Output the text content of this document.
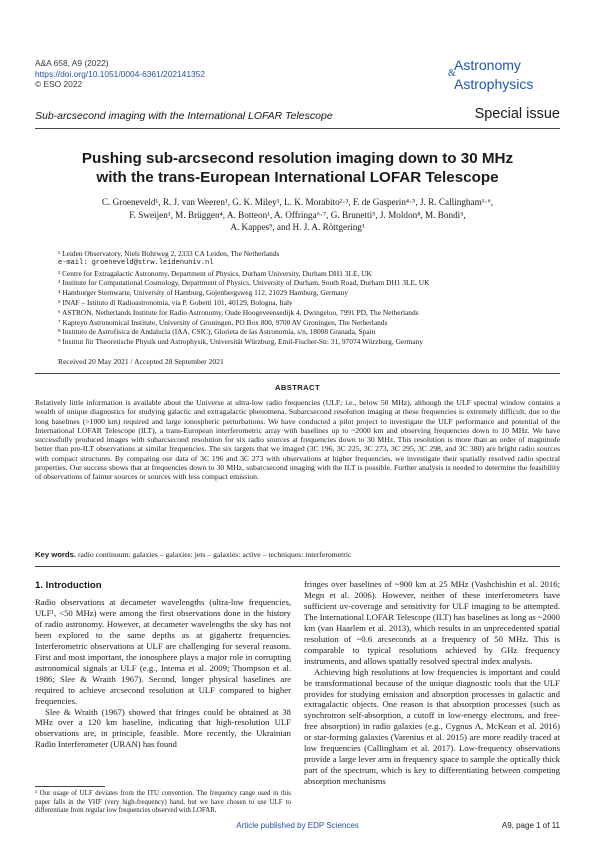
A&A 658, A9 (2022)
https://doi.org/10.1051/0004-6361/202141352
© ESO 2022
Astronomy
&
Astrophysics
Sub-arcsecond imaging with the International LOFAR Telescope	Special issue
Pushing sub-arcsecond resolution imaging down to 30 MHz
with the trans-European International LOFAR Telescope
C. Groeneveld¹, R. J. van Weeren¹, G. K. Miley¹, L. K. Morabito²·³, F. de Gasperin⁴·⁵, J. R. Callingham¹·⁶,
F. Sweijen¹, M. Brüggen⁴, A. Botteon¹, A. Offringa⁶·⁷, G. Brunetti⁵, J. Moldon⁸, M. Bondi⁵,
A. Kappes⁹, and H. J. A. Röttgering¹
¹ Leiden Observatory, Niels Bohrweg 2, 2333 CA Leiden, The Netherlands
e-mail: groeneveld@strw.leidenuniv.nl
² Centre for Extragalactic Astronomy, Department of Physics, Durham University, Durham DH1 3LE, UK
³ Institute for Computational Cosmology, Department of Physics, University of Durham, South Road, Durham DH1 3LE, UK
⁴ Hamburger Sternwarte, University of Hamburg, Gojenbergsweg 112, 21029 Hamburg, Germany
⁵ INAF – Istituto di Radioastronomia, via P. Gobetti 101, 40129, Bologna, Italy
⁶ ASTRON, Netherlands Institute for Radio Astronomy, Oude Hoogeveensedijk 4, Dwingeloo, 7991 PD, The Netherlands
⁷ Kapteyn Astronomical Institute, University of Groningen, PO Box 800, 9700 AV Groningen, The Netherlands
⁸ Instituto de Astrofísica de Andalucía (IAA, CSIC), Glorieta de las Astronomía, s/n, 18008 Granada, Spain
⁹ Institut für Theoretische Physik und Astrophysik, Universität Würzburg, Emil-Fischer-Str. 31, 97074 Würzburg, Germany
Received 20 May 2021 / Accepted 28 September 2021
ABSTRACT
Relatively little information is available about the Universe at ultra-low radio frequencies (ULF; i.e., below 50 MHz), although the ULF spectral window contains a wealth of unique diagnostics for studying galactic and extragalactic phenomena. Subarcsecond resolution imaging at these frequencies is extremely difficult, due to the long baselines (>1000 km) required and large ionospheric perturbations. We have conducted a pilot project to investigate the ULF performance and potential of the International LOFAR Telescope (ILT), a trans-European interferometric array with baselines up to ~2000 km and observing frequencies down to 10 MHz. We have successfully produced images with subarcsecond resolution for six radio sources at frequencies down to 30 MHz. This resolution is more than an order of magnitude better than pre-ILT observations at similar frequencies. The six targets that we imaged (3C 196, 3C 225, 3C 273, 3C 295, 3C 298, and 3C 380) are bright radio sources with compact structures. By comparing our data of 3C 196 and 3C 273 with observations at higher frequencies, we investigate their spatially resolved radio spectral properties. Our success shows that at frequencies down to 30 MHz, subarcsecond imaging with the ILT is possible. Further analysis is needed to determine the feasibility of observations of fainter sources or sources with less compact emission.
Key words. radio continuum: galaxies – galaxies: jets – galaxies: active – techniques: interferometric
1. Introduction

Radio observations at decameter wavelengths (ultra-low frequencies, ULF¹, <50 MHz) were among the first observations done in the history of radio astronomy. However, at decameter wavelengths the sky has not been explored to the same depths as at gigahertz frequencies. Interferometric observations at ULF are challenging for several reasons. First and most important, the ionosphere plays a major role in corrupting astronomical signals at ULF (e.g., Intema et al. 2009; Thompson et al. 1986; Slee & Wraith 1967). Second, longer physical baselines are required to achieve arcsecond resolution at ULF compared to higher frequencies.

Slee & Wraith (1967) showed that fringes could be obtained at 38 MHz over a 120 km baseline, indicating that high-resolution ULF observations are, in principle, feasible. More recently, the Ukrainian Radio Interferometer (URAN) has found

¹ Our usage of ULF deviates from the ITU convention. The frequency range used in this paper falls in the VHF (very high-frequency) band, but we have chosen to use ULF to differentiate from regular low frequencies observed with LOFAR.

fringes over baselines of ~900 km at 25 MHz (Vashchishin et al. 2016; Megn et al. 2006). However, neither of these interferometers have sufficient uv-coverage and sensitivity for ULF imaging to be attempted. The International LOFAR Telescope (ILT) has baselines as long as ~2000 km (van Haarlem et al. 2013), which results in an unprecedented spatial resolution of ~0.6 arcseconds at a frequency of 50 MHz. This is comparable to typical resolutions achieved by GHz frequency instruments, and allows spatially resolved spectral index analysis.

Achieving high resolutions at low frequencies is important and could be transformational because of the unique diagnostic tools that the ULF provides for studying emission and absorption processes in galactic and extragalactic objects. One reason is that absorption processes (such as synchrotron self-absorption, a cutoff in low-energy electrons, and free-free absorption) in radio galaxies (e.g., Cygnus A, McKean et al. 2016) or star-forming galaxies (Varenius et al. 2015) are more readily traced at low frequencies (Callingham et al. 2017). Low-frequency observations provide a large lever arm in frequency space to sample the optically thick part of the spectrum, which is key to differentiating between competing absorption mechanisms

Article published by EDP Sciences	A9, page 1 of 11
